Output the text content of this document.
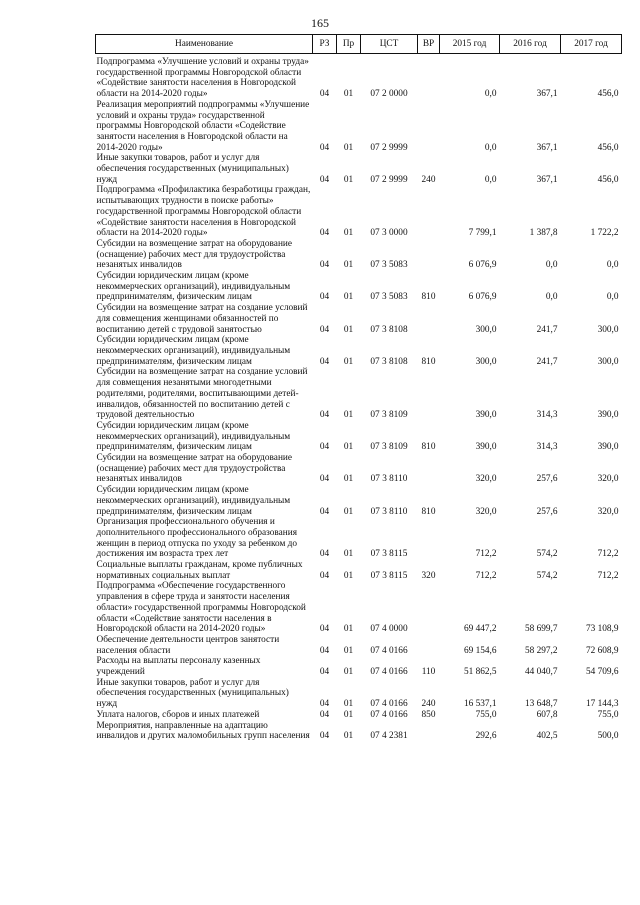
165
Наименование	РЗ	Пр	ЦСТ	ВР	2015 год	2016 год	2017 год
Подпрограмма «Улучшение условий и охраны труда» государственной программы Новгородской области «Содействие занятости населения в Новгородской области на 2014-2020 годы»	04	01	07 2 0000		0,0	367,1	456,0
Реализация мероприятий подпрограммы «Улучшение условий и охраны труда» государственной программы Новгородской области «Содействие занятости населения в Новгородской области на 2014-2020 годы»	04	01	07 2 9999		0,0	367,1	456,0
Иные закупки товаров, работ и услуг для обеспечения государственных (муниципальных) нужд	04	01	07 2 9999	240	0,0	367,1	456,0
Подпрограмма «Профилактика безработицы граждан, испытывающих трудности в поиске работы» государственной программы Новгородской области «Содействие занятости населения в Новгородской области на 2014-2020 годы»	04	01	07 3 0000		7 799,1	1 387,8	1 722,2
Субсидии на возмещение затрат на оборудование (оснащение) рабочих мест для трудоустройства незанятых инвалидов	04	01	07 3 5083		6 076,9	0,0	0,0
Субсидии юридическим лицам (кроме некоммерческих организаций), индивидуальным предпринимателям, физическим лицам	04	01	07 3 5083	810	6 076,9	0,0	0,0
Субсидии на возмещение затрат на создание условий для совмещения женщинами обязанностей по воспитанию детей с трудовой занятостью	04	01	07 3 8108		300,0	241,7	300,0
Субсидии юридическим лицам (кроме некоммерческих организаций), индивидуальным предпринимателям, физическим лицам	04	01	07 3 8108	810	300,0	241,7	300,0
Субсидии на возмещение затрат на создание условий для совмещения незанятыми многодетными родителями, родителями, воспитывающими детей-инвалидов, обязанностей по воспитанию детей с трудовой деятельностью	04	01	07 3 8109		390,0	314,3	390,0
Субсидии юридическим лицам (кроме некоммерческих организаций), индивидуальным предпринимателям, физическим лицам	04	01	07 3 8109	810	390,0	314,3	390,0
Субсидии на возмещение затрат на оборудование (оснащение) рабочих мест для трудоустройства незанятых инвалидов	04	01	07 3 8110		320,0	257,6	320,0
Субсидии юридическим лицам (кроме некоммерческих организаций), индивидуальным предпринимателям, физическим лицам	04	01	07 3 8110	810	320,0	257,6	320,0
Организация профессионального обучения и дополнительного профессионального образования женщин в период отпуска по уходу за ребенком до достижения им возраста трех лет	04	01	07 3 8115		712,2	574,2	712,2
Социальные выплаты гражданам, кроме публичных нормативных социальных выплат	04	01	07 3 8115	320	712,2	574,2	712,2
Подпрограмма «Обеспечение государственного управления в сфере труда и занятости населения области» государственной программы Новгородской области «Содействие занятости населения в Новгородской области на 2014-2020 годы»	04	01	07 4 0000		69 447,2	58 699,7	73 108,9
Обеспечение деятельности центров занятости населения области	04	01	07 4 0166		69 154,6	58 297,2	72 608,9
Расходы на выплаты персоналу казенных учреждений	04	01	07 4 0166	110	51 862,5	44 040,7	54 709,6
Иные закупки товаров, работ и услуг для обеспечения государственных (муниципальных) нужд	04	01	07 4 0166	240	16 537,1	13 648,7	17 144,3
Уплата налогов, сборов и иных платежей	04	01	07 4 0166	850	755,0	607,8	755,0
Мероприятия, направленные на адаптацию инвалидов и других маломобильных групп населения	04	01	07 4 2381		292,6	402,5	500,0
